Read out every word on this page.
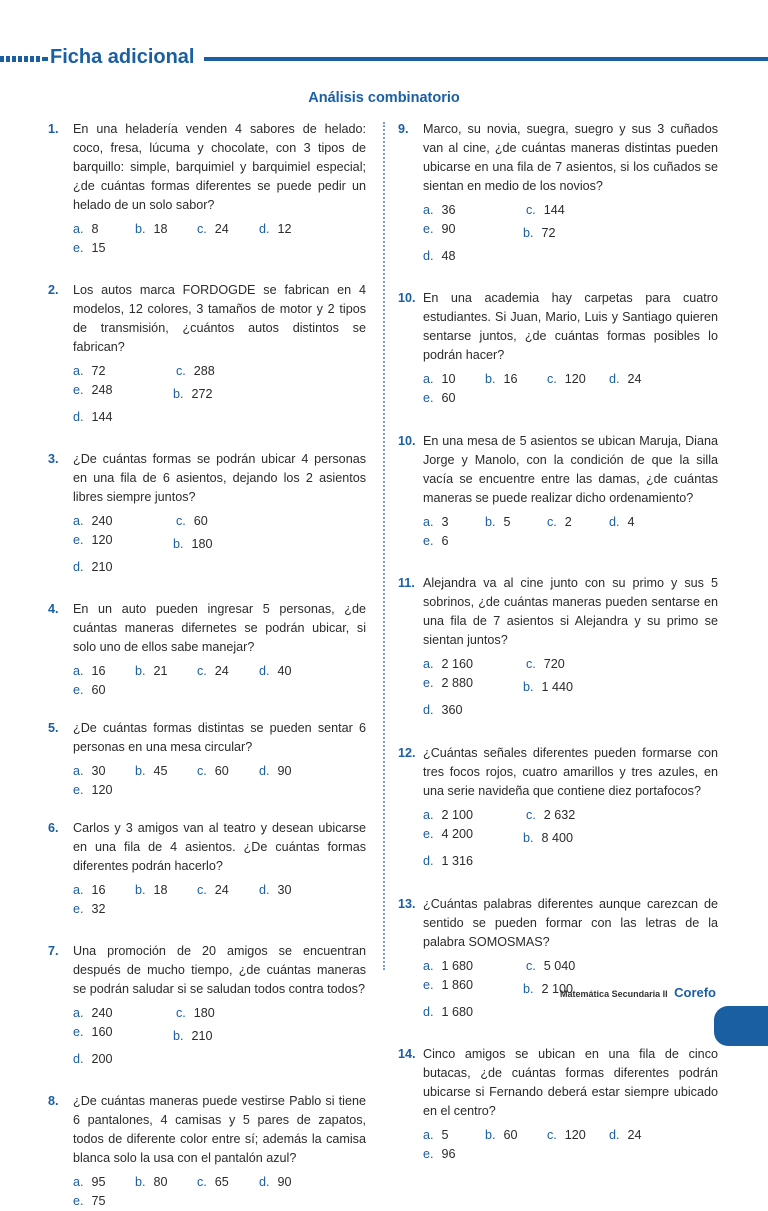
Ficha adicional
Análisis combinatorio
1. En una heladería venden 4 sabores de helado: coco, fresa, lúcuma y chocolate, con 3 tipos de barquillo: simple, barquimiel y barquimiel especial; ¿de cuántas formas diferentes se puede pedir un helado de un solo sabor?
a. 8	b. 18	c. 24	d. 12
e. 15
2. Los autos marca FORDOGDE se fabrican en 4 modelos, 12 colores, 3 tamaños de motor y 2 tipos de transmisión, ¿cuántos autos distintos se fabrican?
a. 72	c. 288
e. 248	b. 272
d. 144
3. ¿De cuántas formas se podrán ubicar 4 personas en una fila de 6 asientos, dejando los 2 asientos libres siempre juntos?
a. 240	c. 60
e. 120	b. 180
d. 210
4. En un auto pueden ingresar 5 personas, ¿de cuántas maneras difernetes se podrán ubicar, si solo uno de ellos sabe manejar?
a. 16	b. 21	c. 24	d. 40
e. 60
5. ¿De cuántas formas distintas se pueden sentar 6 personas en una mesa circular?
a. 30	b. 45	c. 60	d. 90
e. 120
6. Carlos y 3 amigos van al teatro y desean ubicarse en una fila de 4 asientos. ¿De cuántas formas diferentes podrán hacerlo?
a. 16	b. 18	c. 24	d. 30
e. 32
7. Una promoción de 20 amigos se encuentran después de mucho tiempo, ¿de cuántas maneras se podrán saludar si se saludan todos contra todos?
a. 240	c. 180
e. 160	b. 210
d. 200
8. ¿De cuántas maneras puede vestirse Pablo si tiene 6 pantalones, 4 camisas y 5 pares de zapatos, todos de diferente color entre sí; además la camisa blanca solo la usa con el pantalón azul?
a. 95	b. 80	c. 65	d. 90
e. 75
9. Marco, su novia, suegra, suegro y sus 3 cuñados van al cine, ¿de cuántas maneras distintas pueden ubicarse en una fila de 7 asientos, si los cuñados se sientan en medio de los novios?
a. 36	c. 144
e. 90	b. 72
d. 48
10. En una academia hay carpetas para cuatro estudiantes. Si Juan, Mario, Luis y Santiago quieren sentarse juntos, ¿de cuántas formas posibles lo podrán hacer?
a. 10	b. 16	c. 120	d. 24
e. 60
10. En una mesa de 5 asientos se ubican Maruja, Diana Jorge y Manolo, con la condición de que la silla vacía se encuentre entre las damas, ¿de cuántas maneras se puede realizar dicho ordenamiento?
a. 3	b. 5	c. 2	d. 4
e. 6
11. Alejandra va al cine junto con su primo y sus 5 sobrinos, ¿de cuántas maneras pueden sentarse en una fila de 7 asientos si Alejandra y su primo se sientan juntos?
a. 2 160	c. 720
e. 2 880	b. 1 440
d. 360
12. ¿Cuántas señales diferentes pueden formarse con tres focos rojos, cuatro amarillos y tres azules, en una serie navideña que contiene diez portafocos?
a. 2 100	c. 2 632
e. 4 200	b. 8 400
d. 1 316
13. ¿Cuántas palabras diferentes aunque carezcan de sentido se pueden formar con las letras de la palabra SOMOSMAS?
a. 1 680	c. 5 040
e. 1 860	b. 2 100
d. 1 680
14. Cinco amigos se ubican en una fila de cinco butacas, ¿de cuántas formas diferentes podrán ubicarse si Fernando deberá estar siempre ubicado en el centro?
a. 5	b. 60	c. 120	d. 24
e. 96
Matemática Secundaria II Corefo
